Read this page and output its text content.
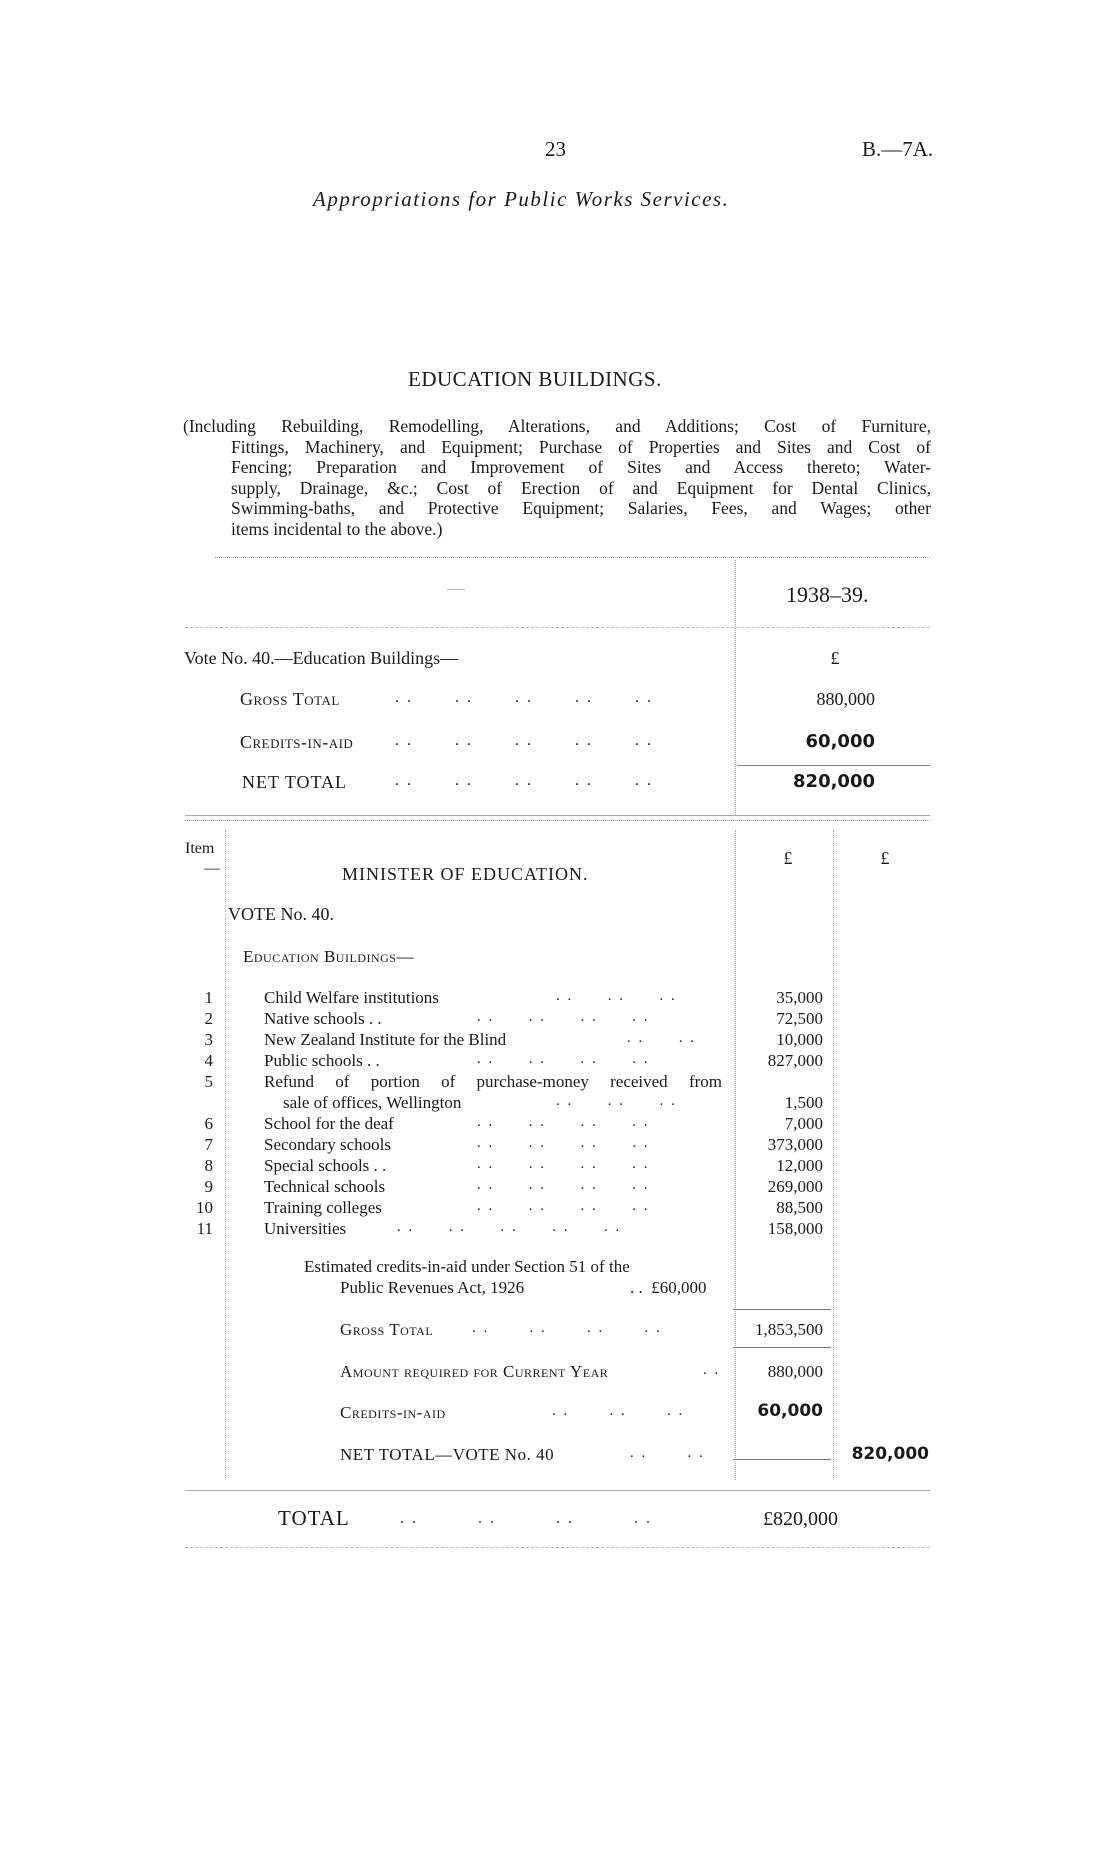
23	B.—7A.
Appropriations for Public Works Services.
EDUCATION BUILDINGS.
(Including Rebuilding, Remodelling, Alterations, and Additions; Cost of Furniture,
Fittings, Machinery, and Equipment; Purchase of Properties and Sites and Cost of
Fencing; Preparation and Improvement of Sites and Access thereto; Water-
supply, Drainage, &c.; Cost of Erection of and Equipment for Dental Clinics,
Swimming-baths, and Protective Equipment; Salaries, Fees, and Wages; other
items incidental to the above.)
—	1938–39.
Vote No. 40.—Education Buildings—	£
Gross Total	. .       . .       . .       . .       . .	880,000
Credits-in-aid	. .       . .       . .       . .       . .	60,000
NET TOTAL	. .       . .       . .       . .       . .	820,000
Item
—
£	£
MINISTER OF EDUCATION.
VOTE No. 40.
Education Buildings—
1	Child Welfare institutions	. .      . .      . .	35,000
2	Native schools . .	. .      . .      . .      . .	72,500
3	New Zealand Institute for the Blind	. .      . .	10,000
4	Public schools . .	. .      . .      . .      . .	827,000
5	Refund of portion of purchase-money received from
sale of offices, Wellington	. .      . .      . .	1,500
6	School for the deaf	. .      . .      . .      . .	7,000
7	Secondary schools	. .      . .      . .      . .	373,000
8	Special schools . .	. .      . .      . .      . .	12,000
9	Technical schools	. .      . .      . .      . .	269,000
10	Training colleges	. .      . .      . .      . .	88,500
11	Universities	. .      . .      . .      . .      . .	158,000
Estimated credits-in-aid under Section 51 of the
Public Revenues Act, 1926	. .  £60,000
Gross Total	. .       . .       . .       . .	1,853,500
Amount required for Current Year	. .	880,000
Credits-in-aid	. .       . .       . .	60,000
NET TOTAL—VOTE No. 40	. .       . .	820,000
TOTAL	. .          . .          . .          . .	£820,000
